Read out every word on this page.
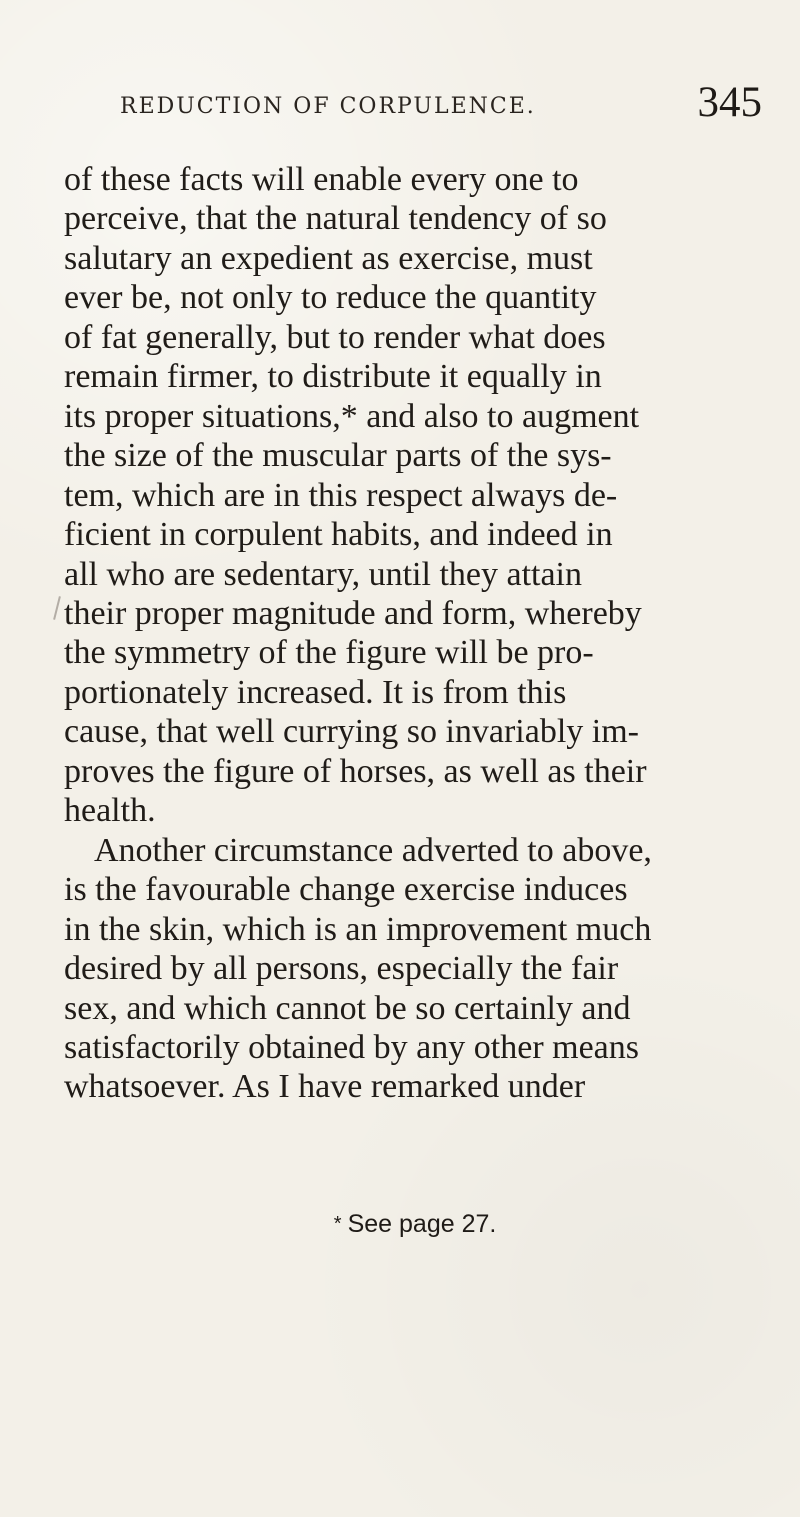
REDUCTION OF CORPULENCE.	345
of these facts will enable every one to
perceive, that the natural tendency of so
salutary an expedient as exercise, must
ever be, not only to reduce the quantity
of fat generally, but to render what does
remain firmer, to distribute it equally in
its proper situations,* and also to augment
the size of the muscular parts of the sys-
tem, which are in this respect always de-
ficient in corpulent habits, and indeed in
all who are sedentary, until they attain
their proper magnitude and form, whereby
the symmetry of the figure will be pro-
portionately increased. It is from this
cause, that well currying so invariably im-
proves the figure of horses, as well as their
health.
Another circumstance adverted to above,
is the favourable change exercise induces
in the skin, which is an improvement much
desired by all persons, especially the fair
sex, and which cannot be so certainly and
satisfactorily obtained by any other means
whatsoever. As I have remarked under

* See page 27.
